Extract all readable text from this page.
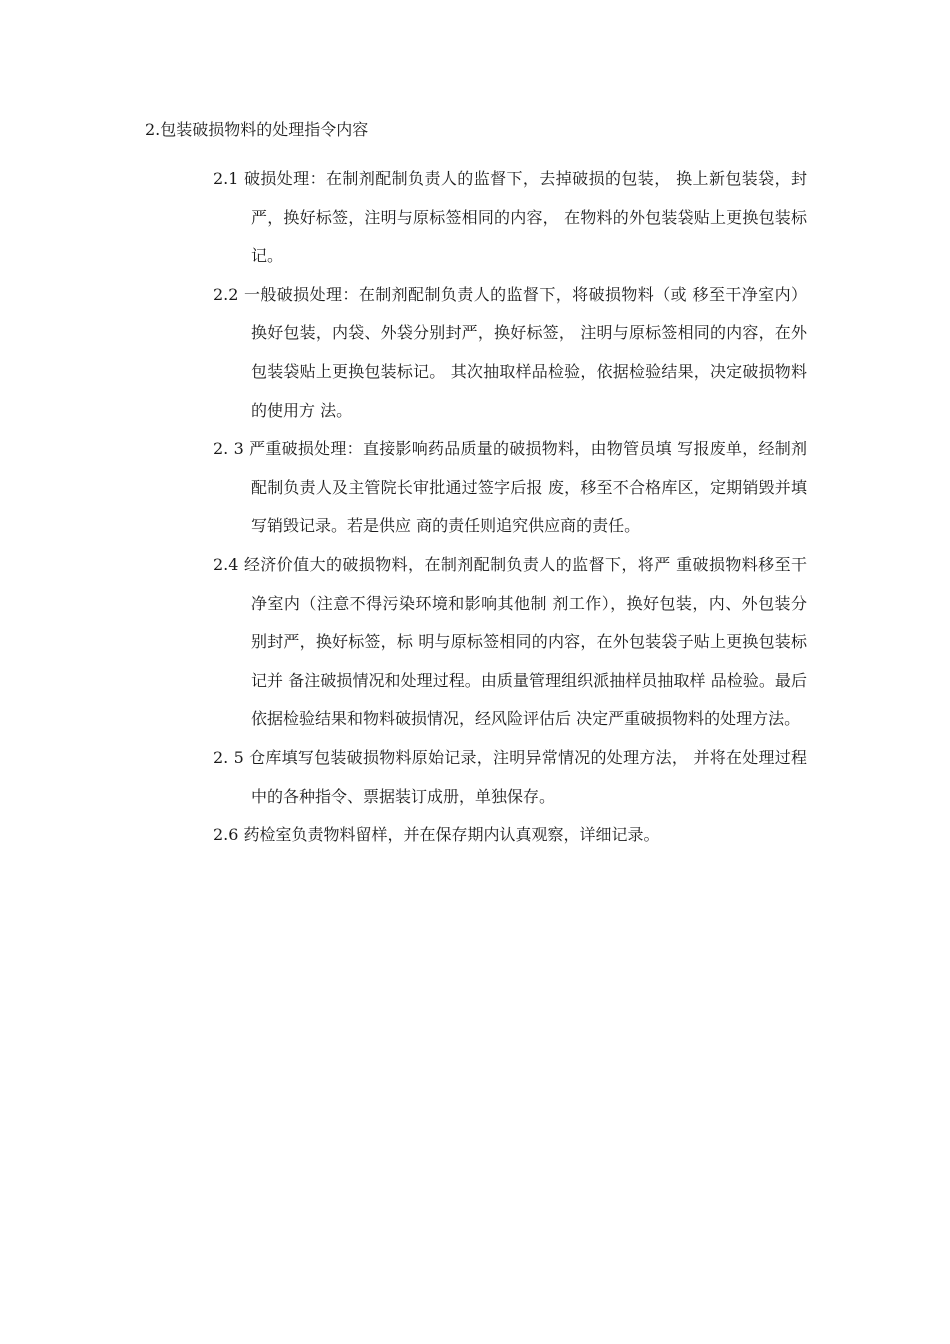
2.包装破损物料的处理指令内容

2.1 破损处理：在制剂配制负责人的监督下，去掉破损的包装， 换上新包装袋，封严，换好标签，注明与原标签相同的内容， 在物料的外包装袋贴上更换包装标记。

2.2 一般破损处理：在制剂配制负责人的监督下，将破损物料（或 移至干净室内）换好包装，内袋、外袋分别封严，换好标签， 注明与原标签相同的内容，在外包装袋贴上更换包装标记。 其次抽取样品检验，依据检验结果，决定破损物料的使用方 法。

2. 3 严重破损处理：直接影响药品质量的破损物料，由物管员填 写报废单，经制剂配制负责人及主管院长审批通过签字后报 废，移至不合格库区，定期销毁并填写销毁记录。若是供应 商的责任则追究供应商的责任。

2.4 经济价值大的破损物料，在制剂配制负责人的监督下，将严 重破损物料移至干净室内（注意不得污染环境和影响其他制 剂工作），换好包装，内、外包装分别封严，换好标签，标 明与原标签相同的内容，在外包装袋子贴上更换包装标记并 备注破损情况和处理过程。由质量管理组织派抽样员抽取样 品检验。最后依据检验结果和物料破损情况，经风险评估后 决定严重破损物料的处理方法。

2. 5 仓库填写包装破损物料原始记录，注明异常情况的处理方法， 并将在处理过程中的各种指令、票据装订成册，单独保存。

2.6 药检室负责物料留样，并在保存期内认真观察，详细记录。
